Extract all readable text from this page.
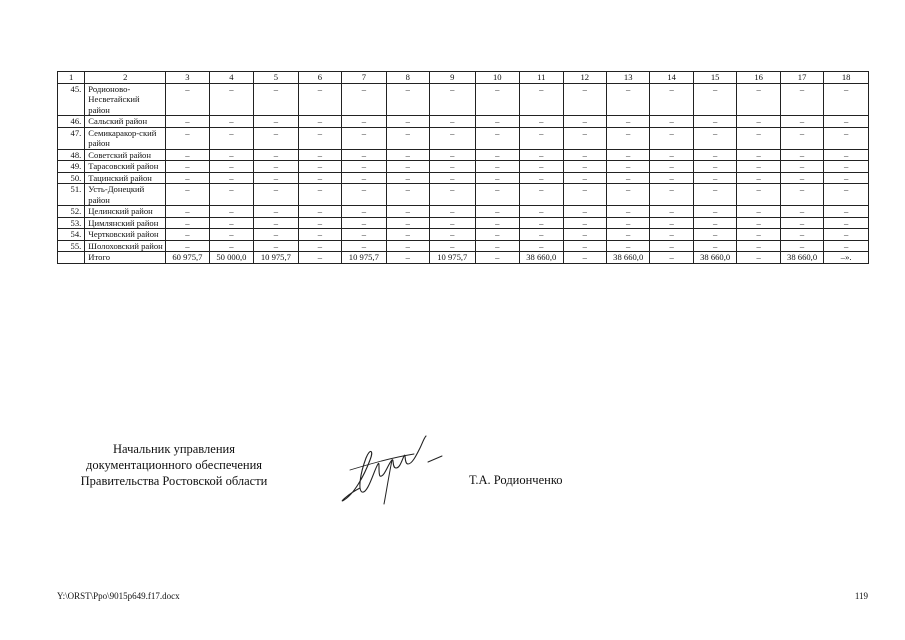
1	2	3	4	5	6	7	8	9	10	11	12	13	14	15	16	17	18
45.	Родионово-Несветайский район	–	–	–	–	–	–	–	–	–	–	–	–	–	–	–	–
46.	Сальский район	–	–	–	–	–	–	–	–	–	–	–	–	–	–	–	–
47.	Семикаракор-ский район	–	–	–	–	–	–	–	–	–	–	–	–	–	–	–	–
48.	Советский район	–	–	–	–	–	–	–	–	–	–	–	–	–	–	–	–
49.	Тарасовский район	–	–	–	–	–	–	–	–	–	–	–	–	–	–	–	–
50.	Тацинский район	–	–	–	–	–	–	–	–	–	–	–	–	–	–	–	–
51.	Усть-Донецкий район	–	–	–	–	–	–	–	–	–	–	–	–	–	–	–	–
52.	Целинский район	–	–	–	–	–	–	–	–	–	–	–	–	–	–	–	–
53.	Цимлянский район	–	–	–	–	–	–	–	–	–	–	–	–	–	–	–	–
54.	Чертковский район	–	–	–	–	–	–	–	–	–	–	–	–	–	–	–	–
55.	Шолоховский район	–	–	–	–	–	–	–	–	–	–	–	–	–	–	–	–
	Итого	60 975,7	50 000,0	10 975,7	–	10 975,7	–	10 975,7	–	38 660,0	–	38 660,0	–	38 660,0	–	38 660,0	–».
Начальник управления
документационного обеспечения
Правительства Ростовской области	Т.А. Родионченко
Y:\ORST\Ppo\9015p649.f17.docx	119
